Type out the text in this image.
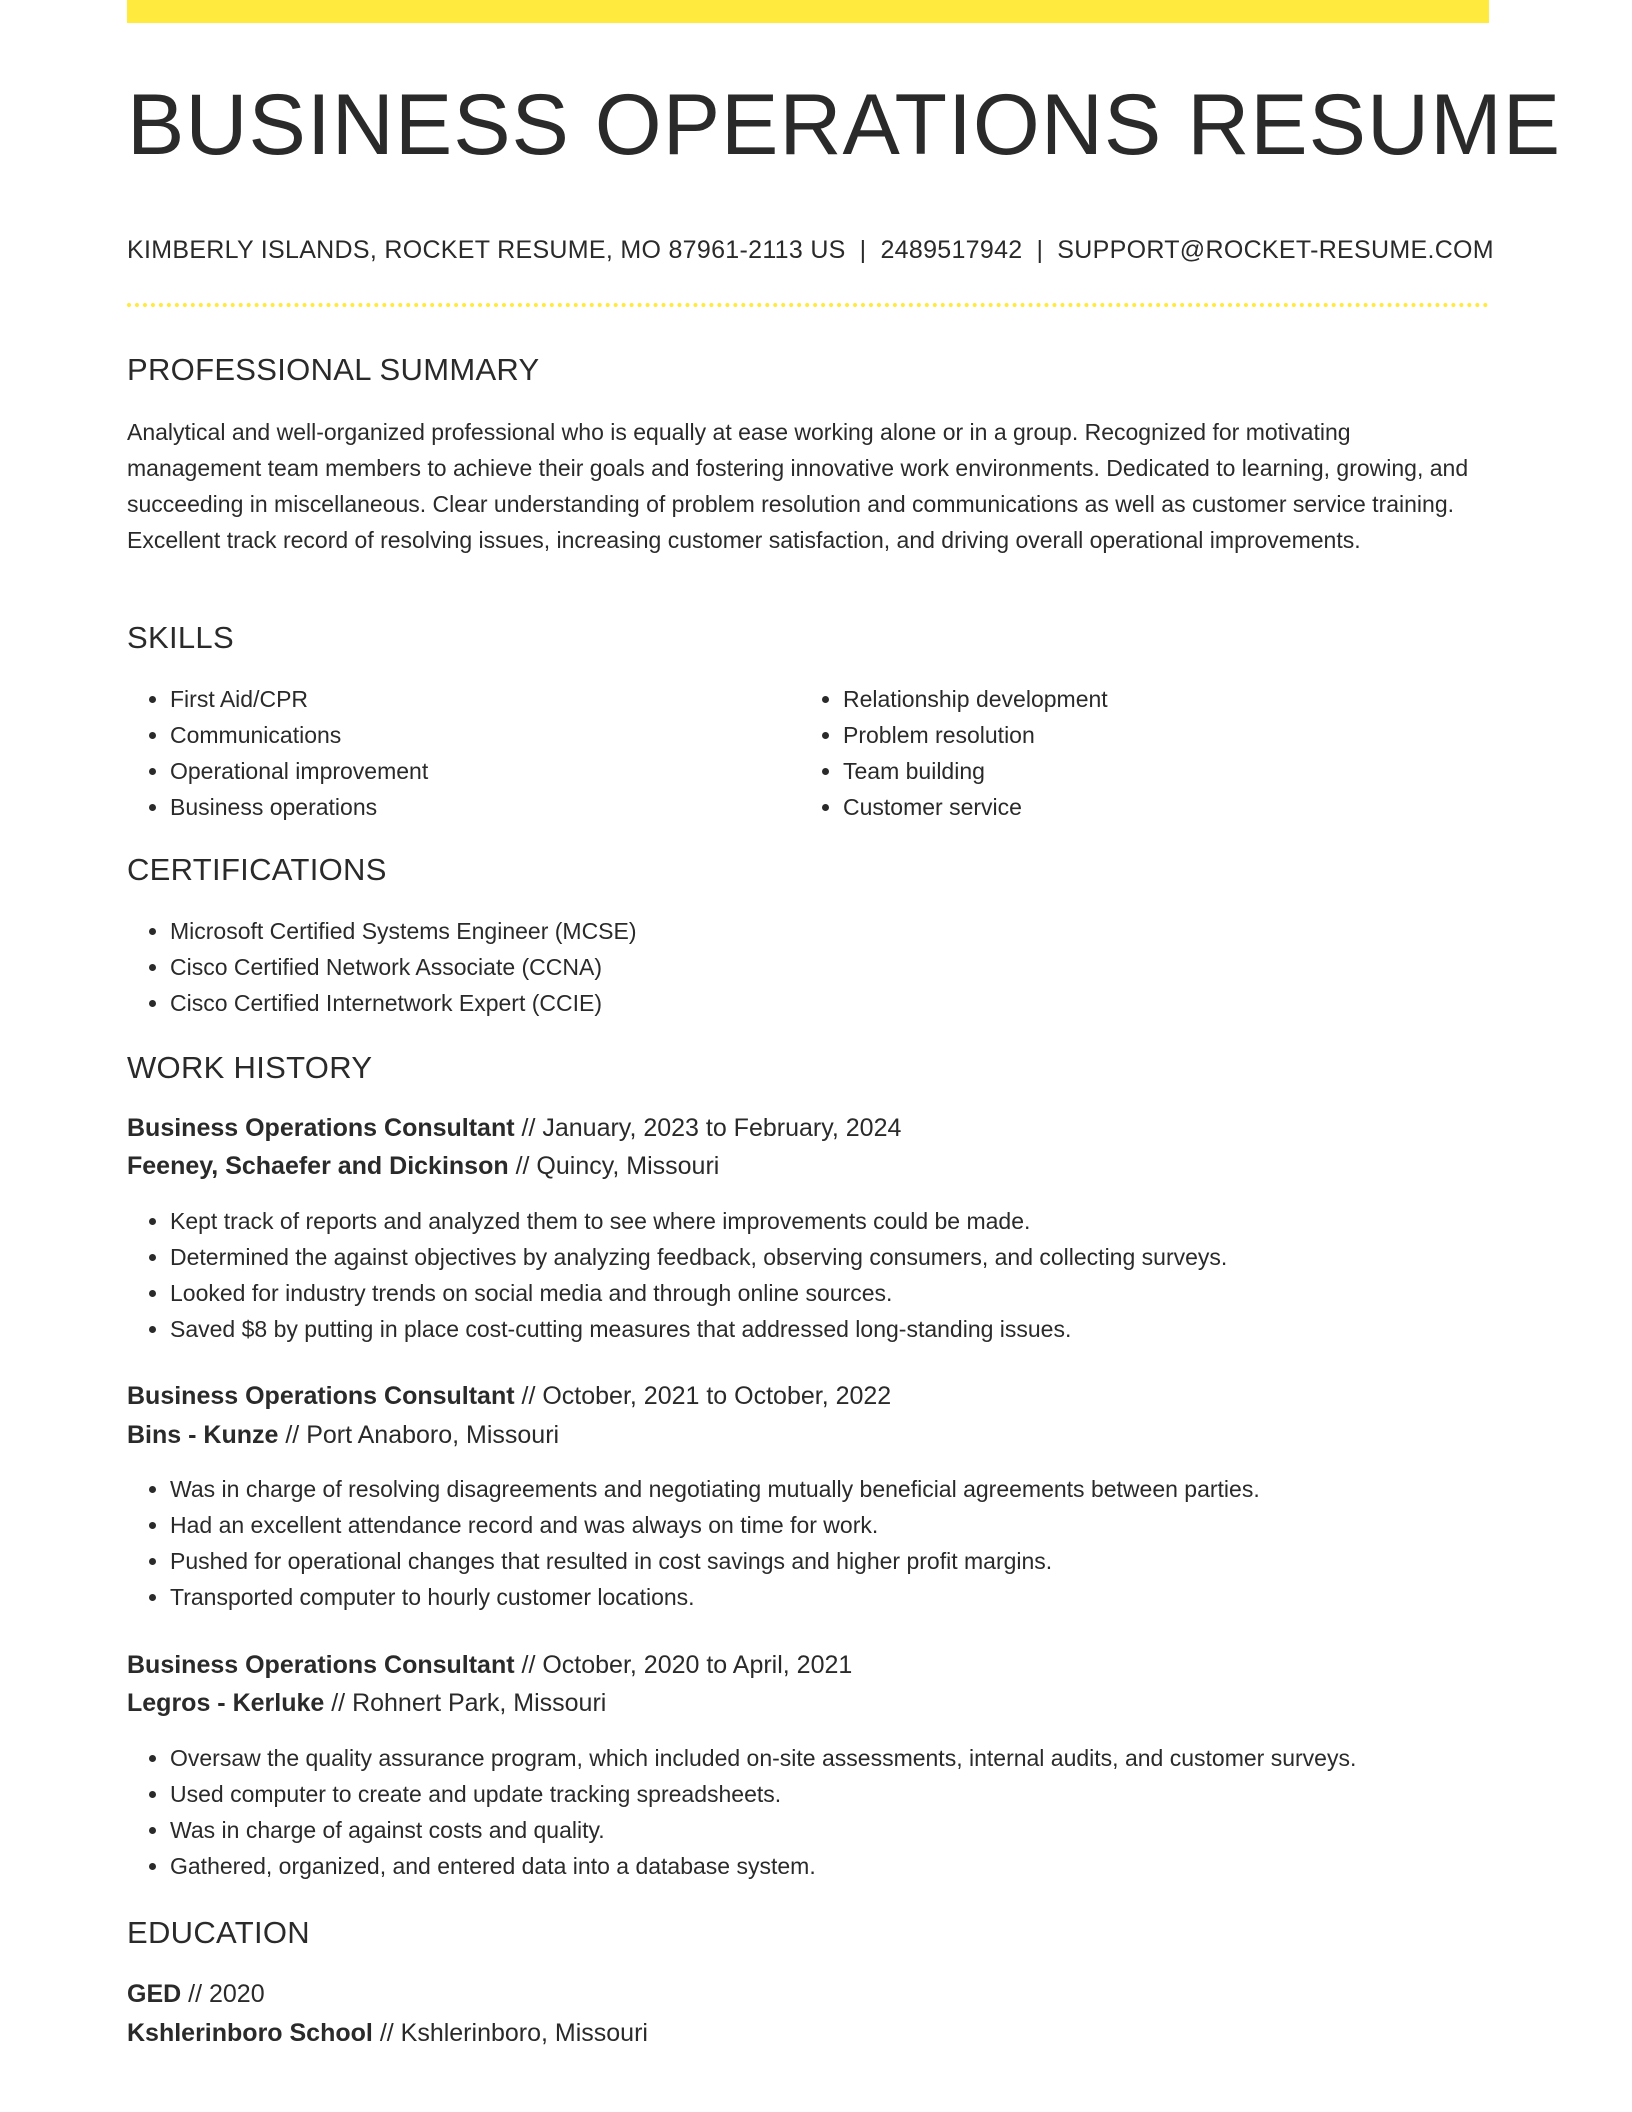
BUSINESS OPERATIONS RESUME
KIMBERLY ISLANDS, ROCKET RESUME, MO 87961-2113 US | 2489517942 | SUPPORT@ROCKET-RESUME.COM
PROFESSIONAL SUMMARY

Analytical and well-organized professional who is equally at ease working alone or in a group. Recognized for motivating management team members to achieve their goals and fostering innovative work environments. Dedicated to learning, growing, and succeeding in miscellaneous. Clear understanding of problem resolution and communications as well as customer service training. Excellent track record of resolving issues, increasing customer satisfaction, and driving overall operational improvements.

SKILLS
• First Aid/CPR
• Communications
• Operational improvement
• Business operations
• Relationship development
• Problem resolution
• Team building
• Customer service
CERTIFICATIONS
• Microsoft Certified Systems Engineer (MCSE)
• Cisco Certified Network Associate (CCNA)
• Cisco Certified Internetwork Expert (CCIE)
WORK HISTORY
Business Operations Consultant // January, 2023 to February, 2024
Feeney, Schaefer and Dickinson // Quincy, Missouri
• Kept track of reports and analyzed them to see where improvements could be made.
• Determined the against objectives by analyzing feedback, observing consumers, and collecting surveys.
• Looked for industry trends on social media and through online sources.
• Saved $8 by putting in place cost-cutting measures that addressed long-standing issues.
Business Operations Consultant // October, 2021 to October, 2022
Bins - Kunze // Port Anaboro, Missouri
• Was in charge of resolving disagreements and negotiating mutually beneficial agreements between parties.
• Had an excellent attendance record and was always on time for work.
• Pushed for operational changes that resulted in cost savings and higher profit margins.
• Transported computer to hourly customer locations.
Business Operations Consultant // October, 2020 to April, 2021
Legros - Kerluke // Rohnert Park, Missouri
• Oversaw the quality assurance program, which included on-site assessments, internal audits, and customer surveys.
• Used computer to create and update tracking spreadsheets.
• Was in charge of against costs and quality.
• Gathered, organized, and entered data into a database system.
EDUCATION
GED // 2020
Kshlerinboro School // Kshlerinboro, Missouri
